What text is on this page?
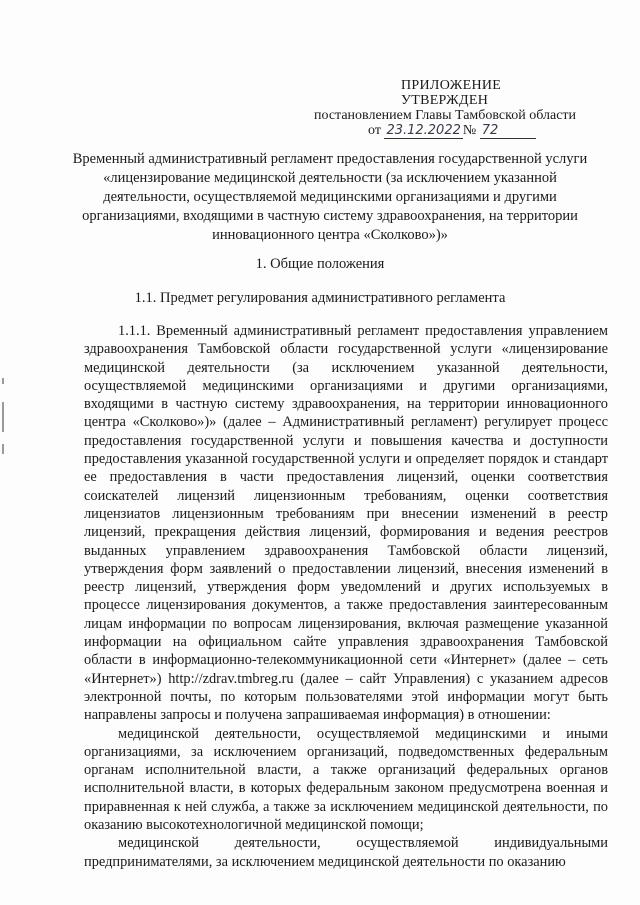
ПРИЛОЖЕНИЕ
УТВЕРЖДЕН
постановлением Главы Тамбовской области
от 23.12.2022 № 72
Временный административный регламент предоставления государственной услуги «лицензирование медицинской деятельности (за исключением указанной деятельности, осуществляемой медицинскими организациями и другими организациями, входящими в частную систему здравоохранения, на территории инновационного центра «Сколково»)»
1. Общие положения
1.1. Предмет регулирования административного регламента

1.1.1. Временный административный регламент предоставления управлением здравоохранения Тамбовской области государственной услуги «лицензирование медицинской деятельности (за исключением указанной деятельности, осуществляемой медицинскими организациями и другими организациями, входящими в частную систему здравоохранения, на территории инновационного центра «Сколково»)» (далее – Административный регламент) регулирует процесс предоставления государственной услуги и повышения качества и доступности предоставления указанной государственной услуги и определяет порядок и стандарт ее предоставления в части предоставления лицензий, оценки соответствия соискателей лицензий лицензионным требованиям, оценки соответствия лицензиатов лицензионным требованиям при внесении изменений в реестр лицензий, прекращения действия лицензий, формирования и ведения реестров выданных управлением здравоохранения Тамбовской области лицензий, утверждения форм заявлений о предоставлении лицензий, внесения изменений в реестр лицензий, утверждения форм уведомлений и других используемых в процессе лицензирования документов, а также предоставления заинтересованным лицам информации по вопросам лицензирования, включая размещение указанной информации на официальном сайте управления здравоохранения Тамбовской области в информационно-телекоммуникационной сети «Интернет» (далее – сеть «Интернет») http://zdrav.tmbreg.ru (далее – сайт Управления) с указанием адресов электронной почты, по которым пользователями этой информации могут быть направлены запросы и получена запрашиваемая информация) в отношении:

медицинской деятельности, осуществляемой медицинскими и иными организациями, за исключением организаций, подведомственных федеральным органам исполнительной власти, а также организаций федеральных органов исполнительной власти, в которых федеральным законом предусмотрена военная и приравненная к ней служба, а также за исключением медицинской деятельности, по оказанию высокотехнологичной медицинской помощи;

медицинской деятельности, осуществляемой индивидуальными предпринимателями, за исключением медицинской деятельности по оказанию
